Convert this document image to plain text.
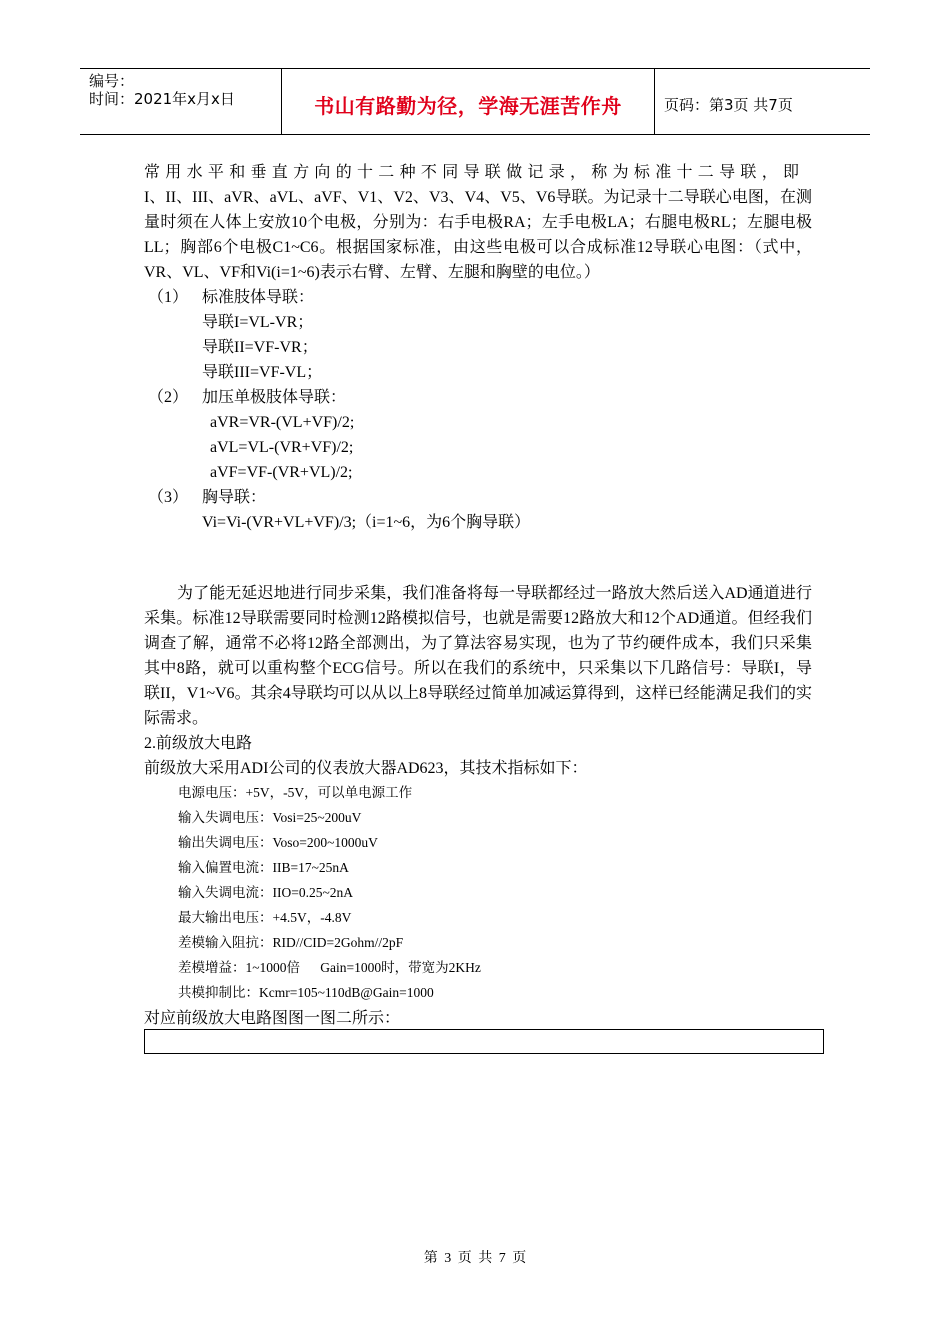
编号：
时间：2021年x月x日	书山有路勤为径，学海无涯苦作舟	页码：第3页 共7页
常用水平和垂直方向的十二种不同导联做记录，称为标准十二导联，即
I、II、III、aVR、aVL、aVF、V1、V2、V3、V4、V5、V6导联。为记录十二导联心电图，在测量时须在人体上安放10个电极，分别为：右手电极RA；左手电极LA；右腿电极RL；左腿电极LL；胸部6个电极C1~C6。根据国家标准，由这些电极可以合成标准12导联心电图：（式中，VR、VL、VF和Vi(i=1~6)表示右臂、左臂、左腿和胸壁的电位。）
（1） 标准肢体导联：
导联I=VL-VR；
导联II=VF-VR；
导联III=VF-VL；
（2） 加压单极肢体导联：
aVR=VR-(VL+VF)/2;
aVL=VL-(VR+VF)/2;
aVF=VF-(VR+VL)/2;
（3） 胸导联：
Vi=Vi-(VR+VL+VF)/3;（i=1~6，为6个胸导联）
为了能无延迟地进行同步采集，我们准备将每一导联都经过一路放大然后送入AD通道进行采集。标准12导联需要同时检测12路模拟信号，也就是需要12路放大和12个AD通道。但经我们调查了解，通常不必将12路全部测出，为了算法容易实现，也为了节约硬件成本，我们只采集其中8路，就可以重构整个ECG信号。所以在我们的系统中，只采集以下几路信号：导联I，导联II，V1~V6。其余4导联均可以从以上8导联经过简单加减运算得到，这样已经能满足我们的实际需求。
2.前级放大电路
前级放大采用ADI公司的仪表放大器AD623，其技术指标如下：
电源电压：+5V，-5V，可以单电源工作
输入失调电压：Vosi=25~200uV
输出失调电压：Voso=200~1000uV
输入偏置电流：IIB=17~25nA
输入失调电流：IIO=0.25~2nA
最大输出电压：+4.5V，-4.8V
差模输入阻抗：RID//CID=2Gohm//2pF
差模增益：1~1000倍      Gain=1000时，带宽为2KHz
共模抑制比：Kcmr=105~110dB@Gain=1000
对应前级放大电路图图一图二所示：
第 3 页 共 7 页
